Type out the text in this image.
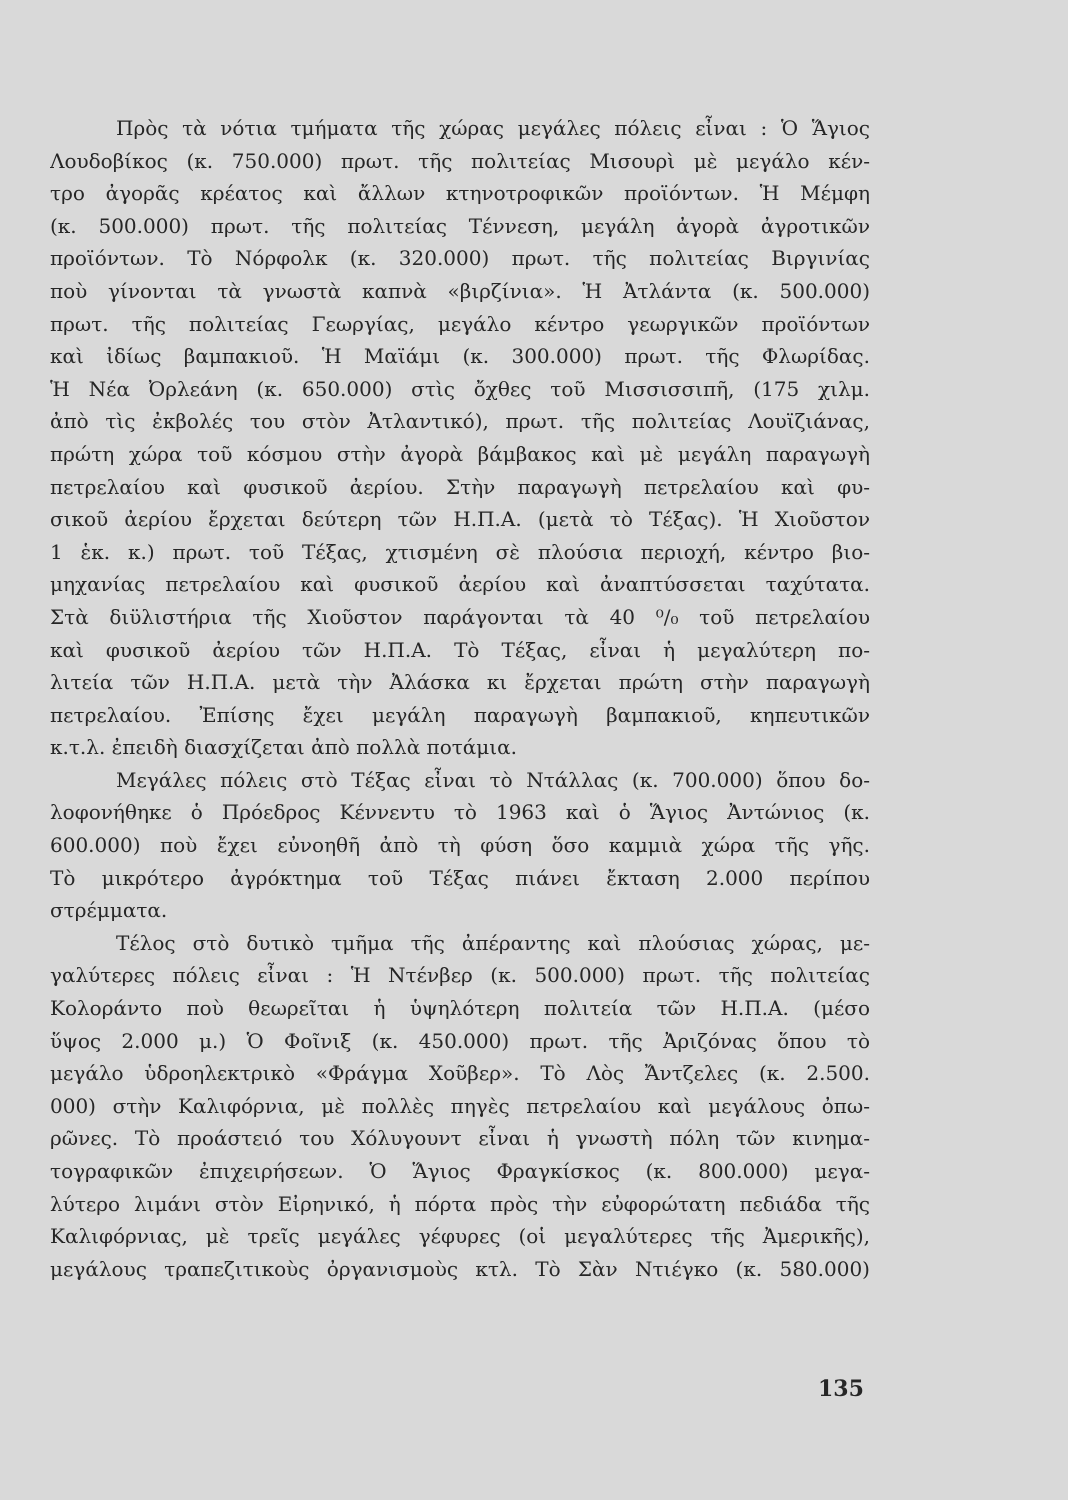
Πρὸς τὰ νότια τμήματα τῆς χώρας μεγάλες πόλεις εἶναι : Ὁ Ἅγιος
Λουδοβίκος (κ. 750.000) πρωτ. τῆς πολιτείας Μισουρὶ μὲ μεγάλο κέν-
τρο ἀγορᾶς κρέατος καὶ ἄλλων κτηνοτροφικῶν προϊόντων. Ἡ Μέμφη
(κ. 500.000) πρωτ. τῆς πολιτείας Τέννεση, μεγάλη ἀγορὰ ἀγροτικῶν
προϊόντων. Τὸ Νόρφολκ (κ. 320.000) πρωτ. τῆς πολιτείας Βιργινίας
ποὺ γίνονται τὰ γνωστὰ καπνὰ «βιρζίνια». Ἡ Ἀτλάντα (κ. 500.000)
πρωτ. τῆς πολιτείας Γεωργίας, μεγάλο κέντρο γεωργικῶν προϊόντων
καὶ ἰδίως βαμπακιοῦ. Ἡ Μαϊάμι (κ. 300.000) πρωτ. τῆς Φλωρίδας.
Ἡ Νέα Ὀρλεάνη (κ. 650.000) στὶς ὄχθες τοῦ Μισσισσιπῆ, (175 χιλμ.
ἀπὸ τὶς ἐκβολές του στὸν Ἀτλαντικό), πρωτ. τῆς πολιτείας Λουϊζιάνας,
πρώτη χώρα τοῦ κόσμου στὴν ἀγορὰ βάμβακος καὶ μὲ μεγάλη παραγωγὴ
πετρελαίου καὶ φυσικοῦ ἀερίου. Στὴν παραγωγὴ πετρελαίου καὶ φυ-
σικοῦ ἀερίου ἔρχεται δεύτερη τῶν Η.Π.Α. (μετὰ τὸ Τέξας). Ἡ Χιοῦστον
1 ἑκ. κ.) πρωτ. τοῦ Τέξας, χτισμένη σὲ πλούσια περιοχή, κέντρο βιο-
μηχανίας πετρελαίου καὶ φυσικοῦ ἀερίου καὶ ἀναπτύσσεται ταχύτατα.
Στὰ διϋλιστήρια τῆς Χιοῦστον παράγονται τὰ 40 ⁰/₀ τοῦ πετρελαίου
καὶ φυσικοῦ ἀερίου τῶν Η.Π.Α. Τὸ Τέξας, εἶναι ἡ μεγαλύτερη πο-
λιτεία τῶν Η.Π.Α. μετὰ τὴν Ἀλάσκα κι ἔρχεται πρώτη στὴν παραγωγὴ
πετρελαίου. Ἐπίσης ἔχει μεγάλη παραγωγὴ βαμπακιοῦ, κηπευτικῶν
κ.τ.λ. ἐπειδὴ διασχίζεται ἀπὸ πολλὰ ποτάμια.
Μεγάλες πόλεις στὸ Τέξας εἶναι τὸ Ντάλλας (κ. 700.000) ὅπου δο-
λοφονήθηκε ὁ Πρόεδρος Κέννεντυ τὸ 1963 καὶ ὁ Ἅγιος Ἀντώνιος (κ.
600.000) ποὺ ἔχει εὐνοηθῆ ἀπὸ τὴ φύση ὅσο καμμιὰ χώρα τῆς γῆς.
Τὸ μικρότερο ἀγρόκτημα τοῦ Τέξας πιάνει ἔκταση 2.000 περίπου
στρέμματα.
Τέλος στὸ δυτικὸ τμῆμα τῆς ἀπέραντης καὶ πλούσιας χώρας, με-
γαλύτερες πόλεις εἶναι : Ἡ Ντένβερ (κ. 500.000) πρωτ. τῆς πολιτείας
Κολοράντο ποὺ θεωρεῖται ἡ ὑψηλότερη πολιτεία τῶν Η.Π.Α. (μέσο
ὕψος 2.000 μ.) Ὁ Φοῖνιξ (κ. 450.000) πρωτ. τῆς Ἀριζόνας ὅπου τὸ
μεγάλο ὑδροηλεκτρικὸ «Φράγμα Χοῦβερ». Τὸ Λὸς Ἄντζελες (κ. 2.500.
000) στὴν Καλιφόρνια, μὲ πολλὲς πηγὲς πετρελαίου καὶ μεγάλους ὀπω-
ρῶνες. Τὸ προάστειό του Χόλυγουντ εἶναι ἡ γνωστὴ πόλη τῶν κινημα-
τογραφικῶν ἐπιχειρήσεων. Ὁ Ἅγιος Φραγκίσκος (κ. 800.000) μεγα-
λύτερο λιμάνι στὸν Εἰρηνικό, ἡ πόρτα πρὸς τὴν εὐφορώτατη πεδιάδα τῆς
Καλιφόρνιας, μὲ τρεῖς μεγάλες γέφυρες (οἱ μεγαλύτερες τῆς Ἀμερικῆς),
μεγάλους τραπεζιτικοὺς ὀργανισμοὺς κτλ. Τὸ Σὰν Ντιέγκο (κ. 580.000)
135
